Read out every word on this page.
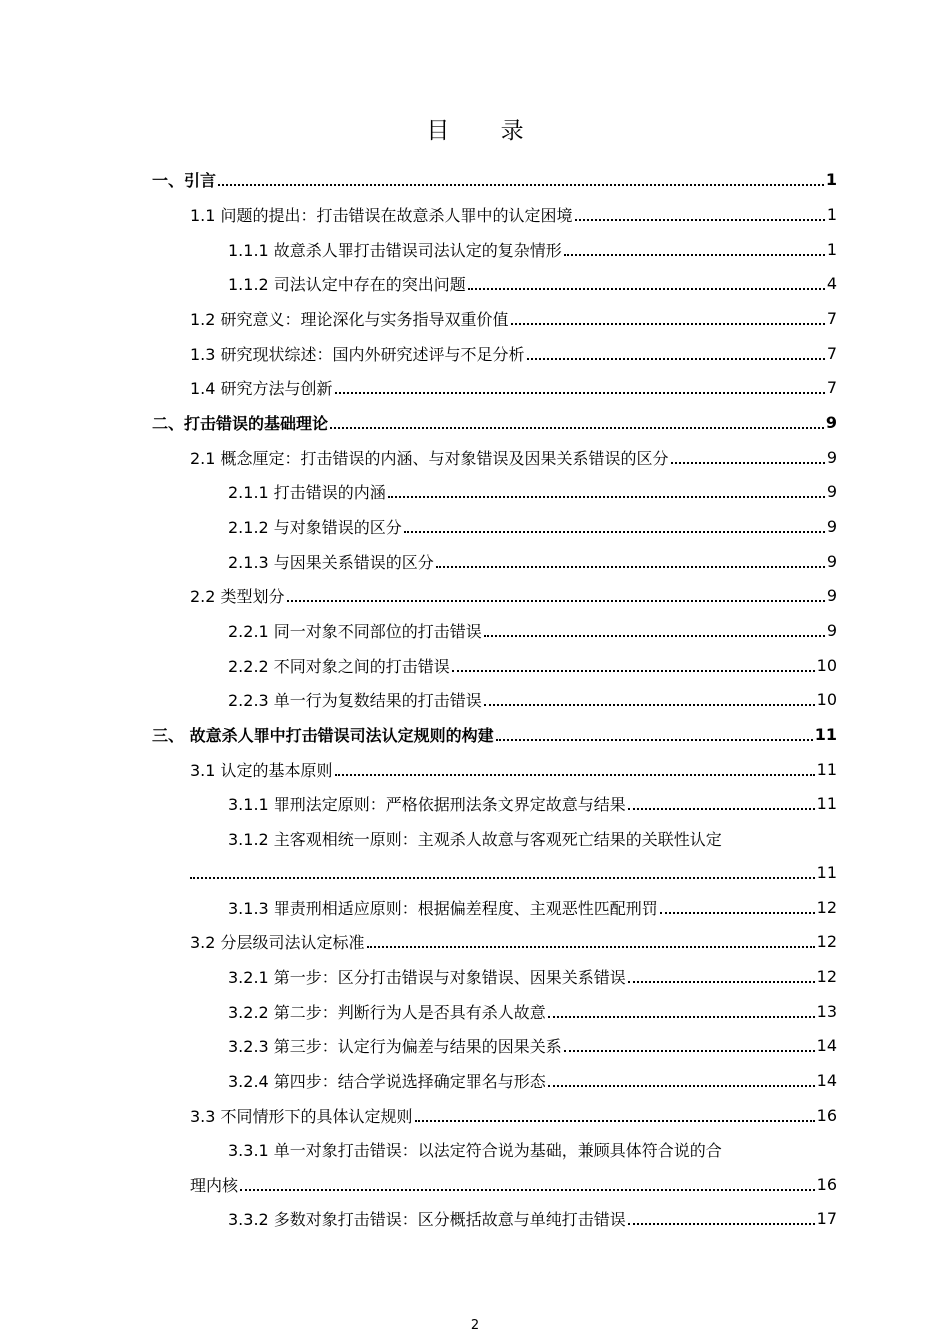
目 录
一、引言	1
1.1 问题的提出：打击错误在故意杀人罪中的认定困境	1
1.1.1 故意杀人罪打击错误司法认定的复杂情形	1
1.1.2 司法认定中存在的突出问题	4
1.2 研究意义：理论深化与实务指导双重价值	7
1.3 研究现状综述：国内外研究述评与不足分析	7
1.4 研究方法与创新	7
二、打击错误的基础理论	9
2.1 概念厘定：打击错误的内涵、与对象错误及因果关系错误的区分	9
2.1.1 打击错误的内涵	9
2.1.2 与对象错误的区分	9
2.1.3 与因果关系错误的区分	9
2.2 类型划分	9
2.2.1 同一对象不同部位的打击错误	9
2.2.2 不同对象之间的打击错误	10
2.2.3 单一行为复数结果的打击错误	10
三、 故意杀人罪中打击错误司法认定规则的构建	11
3.1 认定的基本原则	11
3.1.1 罪刑法定原则：严格依据刑法条文界定故意与结果	11
3.1.2 主客观相统一原则：主观杀人故意与客观死亡结果的关联性认定
11
3.1.3 罪责刑相适应原则：根据偏差程度、主观恶性匹配刑罚	12
3.2 分层级司法认定标准	12
3.2.1 第一步：区分打击错误与对象错误、因果关系错误	12
3.2.2 第二步：判断行为人是否具有杀人故意	13
3.2.3 第三步：认定行为偏差与结果的因果关系	14
3.2.4 第四步：结合学说选择确定罪名与形态	14
3.3 不同情形下的具体认定规则	16
3.3.1 单一对象打击错误：以法定符合说为基础，兼顾具体符合说的合
理内核	16
3.3.2 多数对象打击错误：区分概括故意与单纯打击错误	17
2
